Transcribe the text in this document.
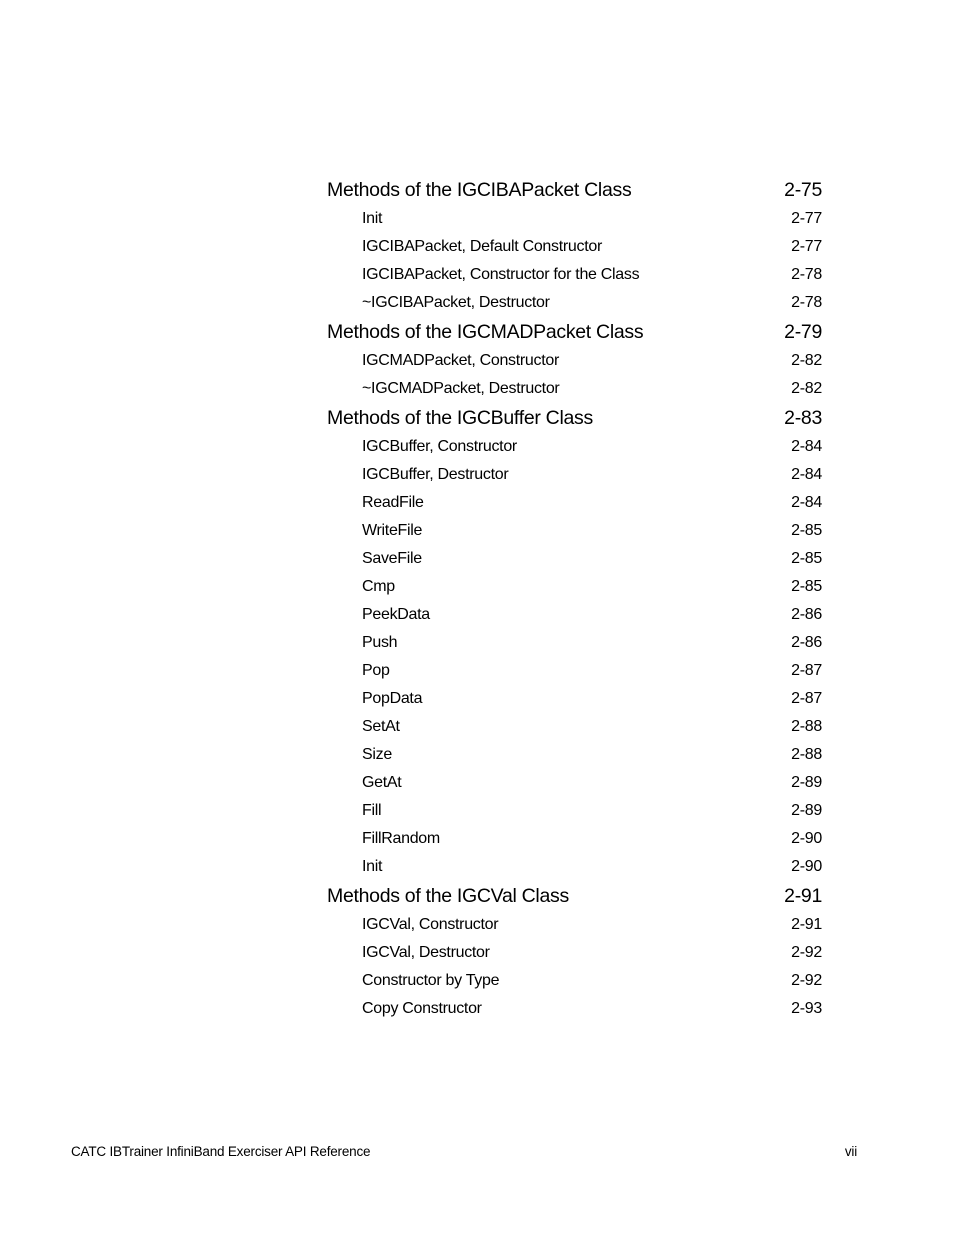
Methods of the IGCIBAPacket Class	2-75
Init	2-77
IGCIBAPacket, Default Constructor	2-77
IGCIBAPacket, Constructor for the Class	2-78
~IGCIBAPacket, Destructor	2-78
Methods of the IGCMADPacket Class	2-79
IGCMADPacket, Constructor	2-82
~IGCMADPacket, Destructor	2-82
Methods of the IGCBuffer Class	2-83
IGCBuffer, Constructor	2-84
IGCBuffer, Destructor	2-84
ReadFile	2-84
WriteFile	2-85
SaveFile	2-85
Cmp	2-85
PeekData	2-86
Push	2-86
Pop	2-87
PopData	2-87
SetAt	2-88
Size	2-88
GetAt	2-89
Fill	2-89
FillRandom	2-90
Init	2-90
Methods of the IGCVal Class	2-91
IGCVal, Constructor	2-91
IGCVal, Destructor	2-92
Constructor by Type	2-92
Copy Constructor	2-93
CATC IBTrainer InfiniBand Exerciser API Reference	vii
